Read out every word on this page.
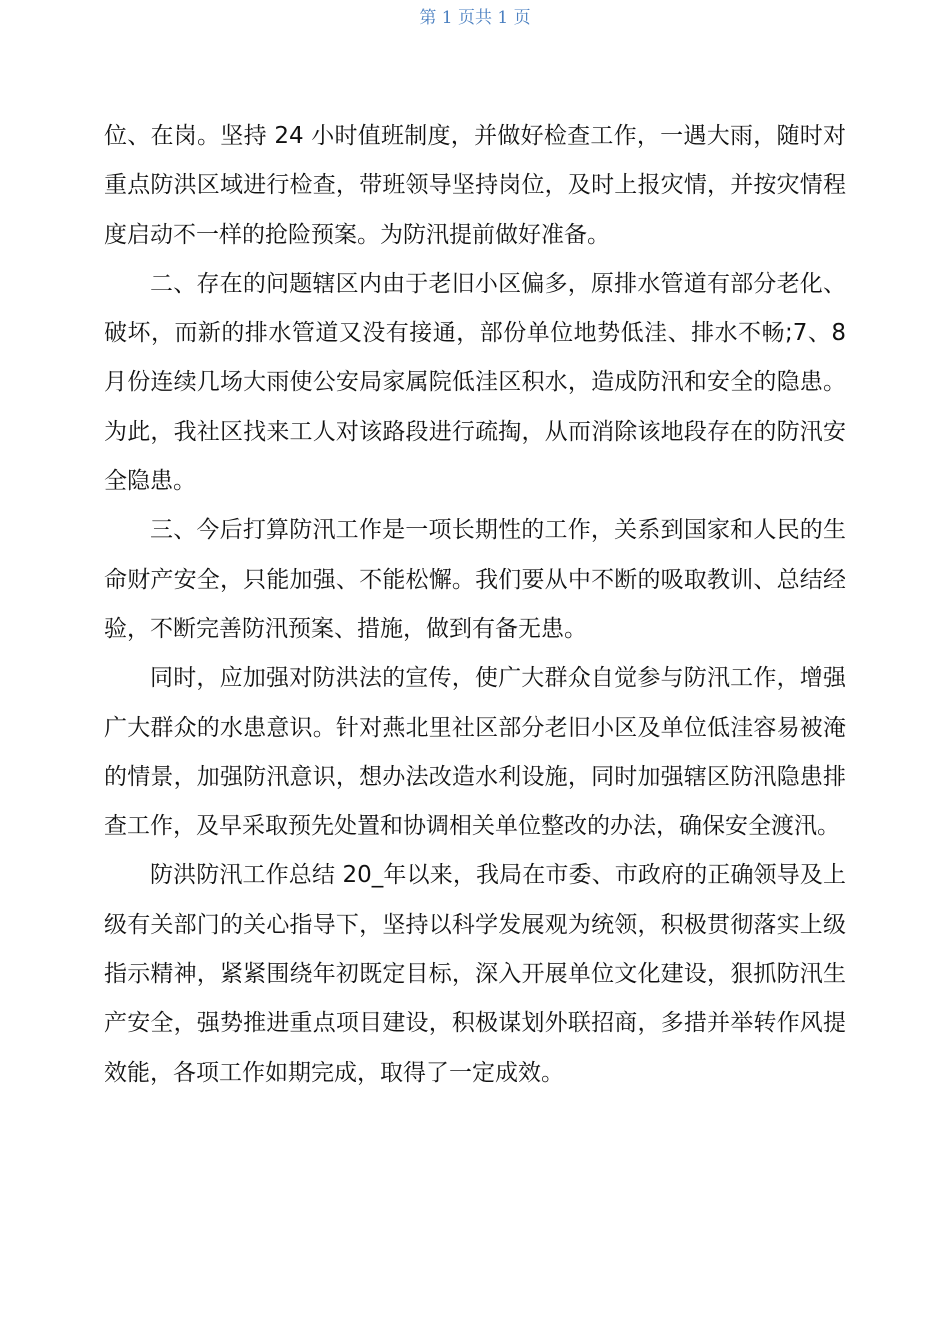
第 1 页共 1 页

位、在岗。坚持 24 小时值班制度，并做好检查工作，一遇大雨，随时对重点防洪区域进行检查，带班领导坚持岗位，及时上报灾情，并按灾情程度启动不一样的抢险预案。为防汛提前做好准备。

二、存在的问题辖区内由于老旧小区偏多，原排水管道有部分老化、破坏，而新的排水管道又没有接通，部份单位地势低洼、排水不畅;7、8 月份连续几场大雨使公安局家属院低洼区积水，造成防汛和安全的隐患。为此，我社区找来工人对该路段进行疏掏，从而消除该地段存在的防汛安全隐患。

三、今后打算防汛工作是一项长期性的工作，关系到国家和人民的生命财产安全，只能加强、不能松懈。我们要从中不断的吸取教训、总结经验，不断完善防汛预案、措施，做到有备无患。

同时，应加强对防洪法的宣传，使广大群众自觉参与防汛工作，增强广大群众的水患意识。针对燕北里社区部分老旧小区及单位低洼容易被淹的情景，加强防汛意识，想办法改造水利设施，同时加强辖区防汛隐患排查工作，及早采取预先处置和协调相关单位整改的办法，确保安全渡汛。

防洪防汛工作总结 20_年以来，我局在市委、市政府的正确领导及上级有关部门的关心指导下，坚持以科学发展观为统领，积极贯彻落实上级指示精神，紧紧围绕年初既定目标，深入开展单位文化建设，狠抓防汛生产安全，强势推进重点项目建设，积极谋划外联招商，多措并举转作风提效能，各项工作如期完成，取得了一定成效。
